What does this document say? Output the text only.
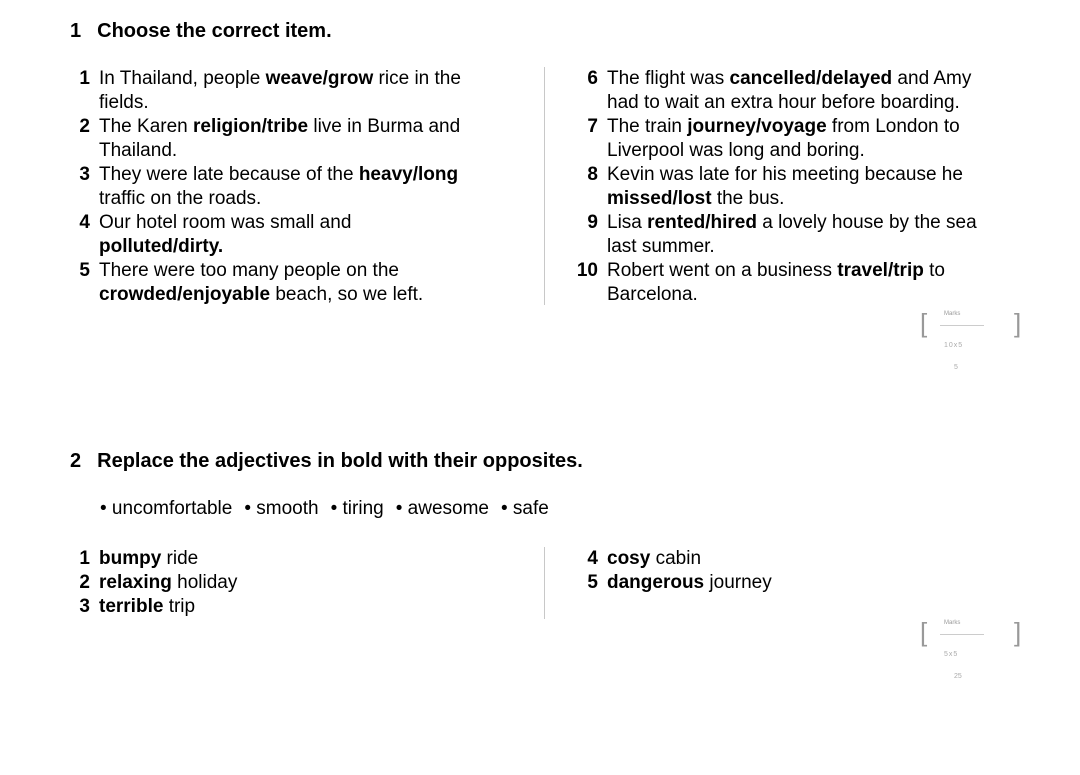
1 Choose the correct item.
1 In Thailand, people weave/grow rice in the
fields.
2 The Karen religion/tribe live in Burma and
Thailand.
3 They were late because of the heavy/long
traffic on the roads.
4 Our hotel room was small and
polluted/dirty.
5 There were too many people on the
crowded/enjoyable beach, so we left.
6 The flight was cancelled/delayed and Amy
had to wait an extra hour before boarding.
7 The train journey/voyage from London to
Liverpool was long and boring.
8 Kevin was late for his meeting because he
missed/lost the bus.
9 Lisa rented/hired a lovely house by the sea
last summer.
10 Robert went on a business travel/trip to
Barcelona.
[	Marks ]
10x5
5
2 Replace the adjectives in bold with their opposites.
• uncomfortable • smooth • tiring • awesome • safe
1 bumpy ride
2 relaxing holiday
3 terrible trip
4 cosy cabin
5 dangerous journey
[	Marks ]
5x5
25
